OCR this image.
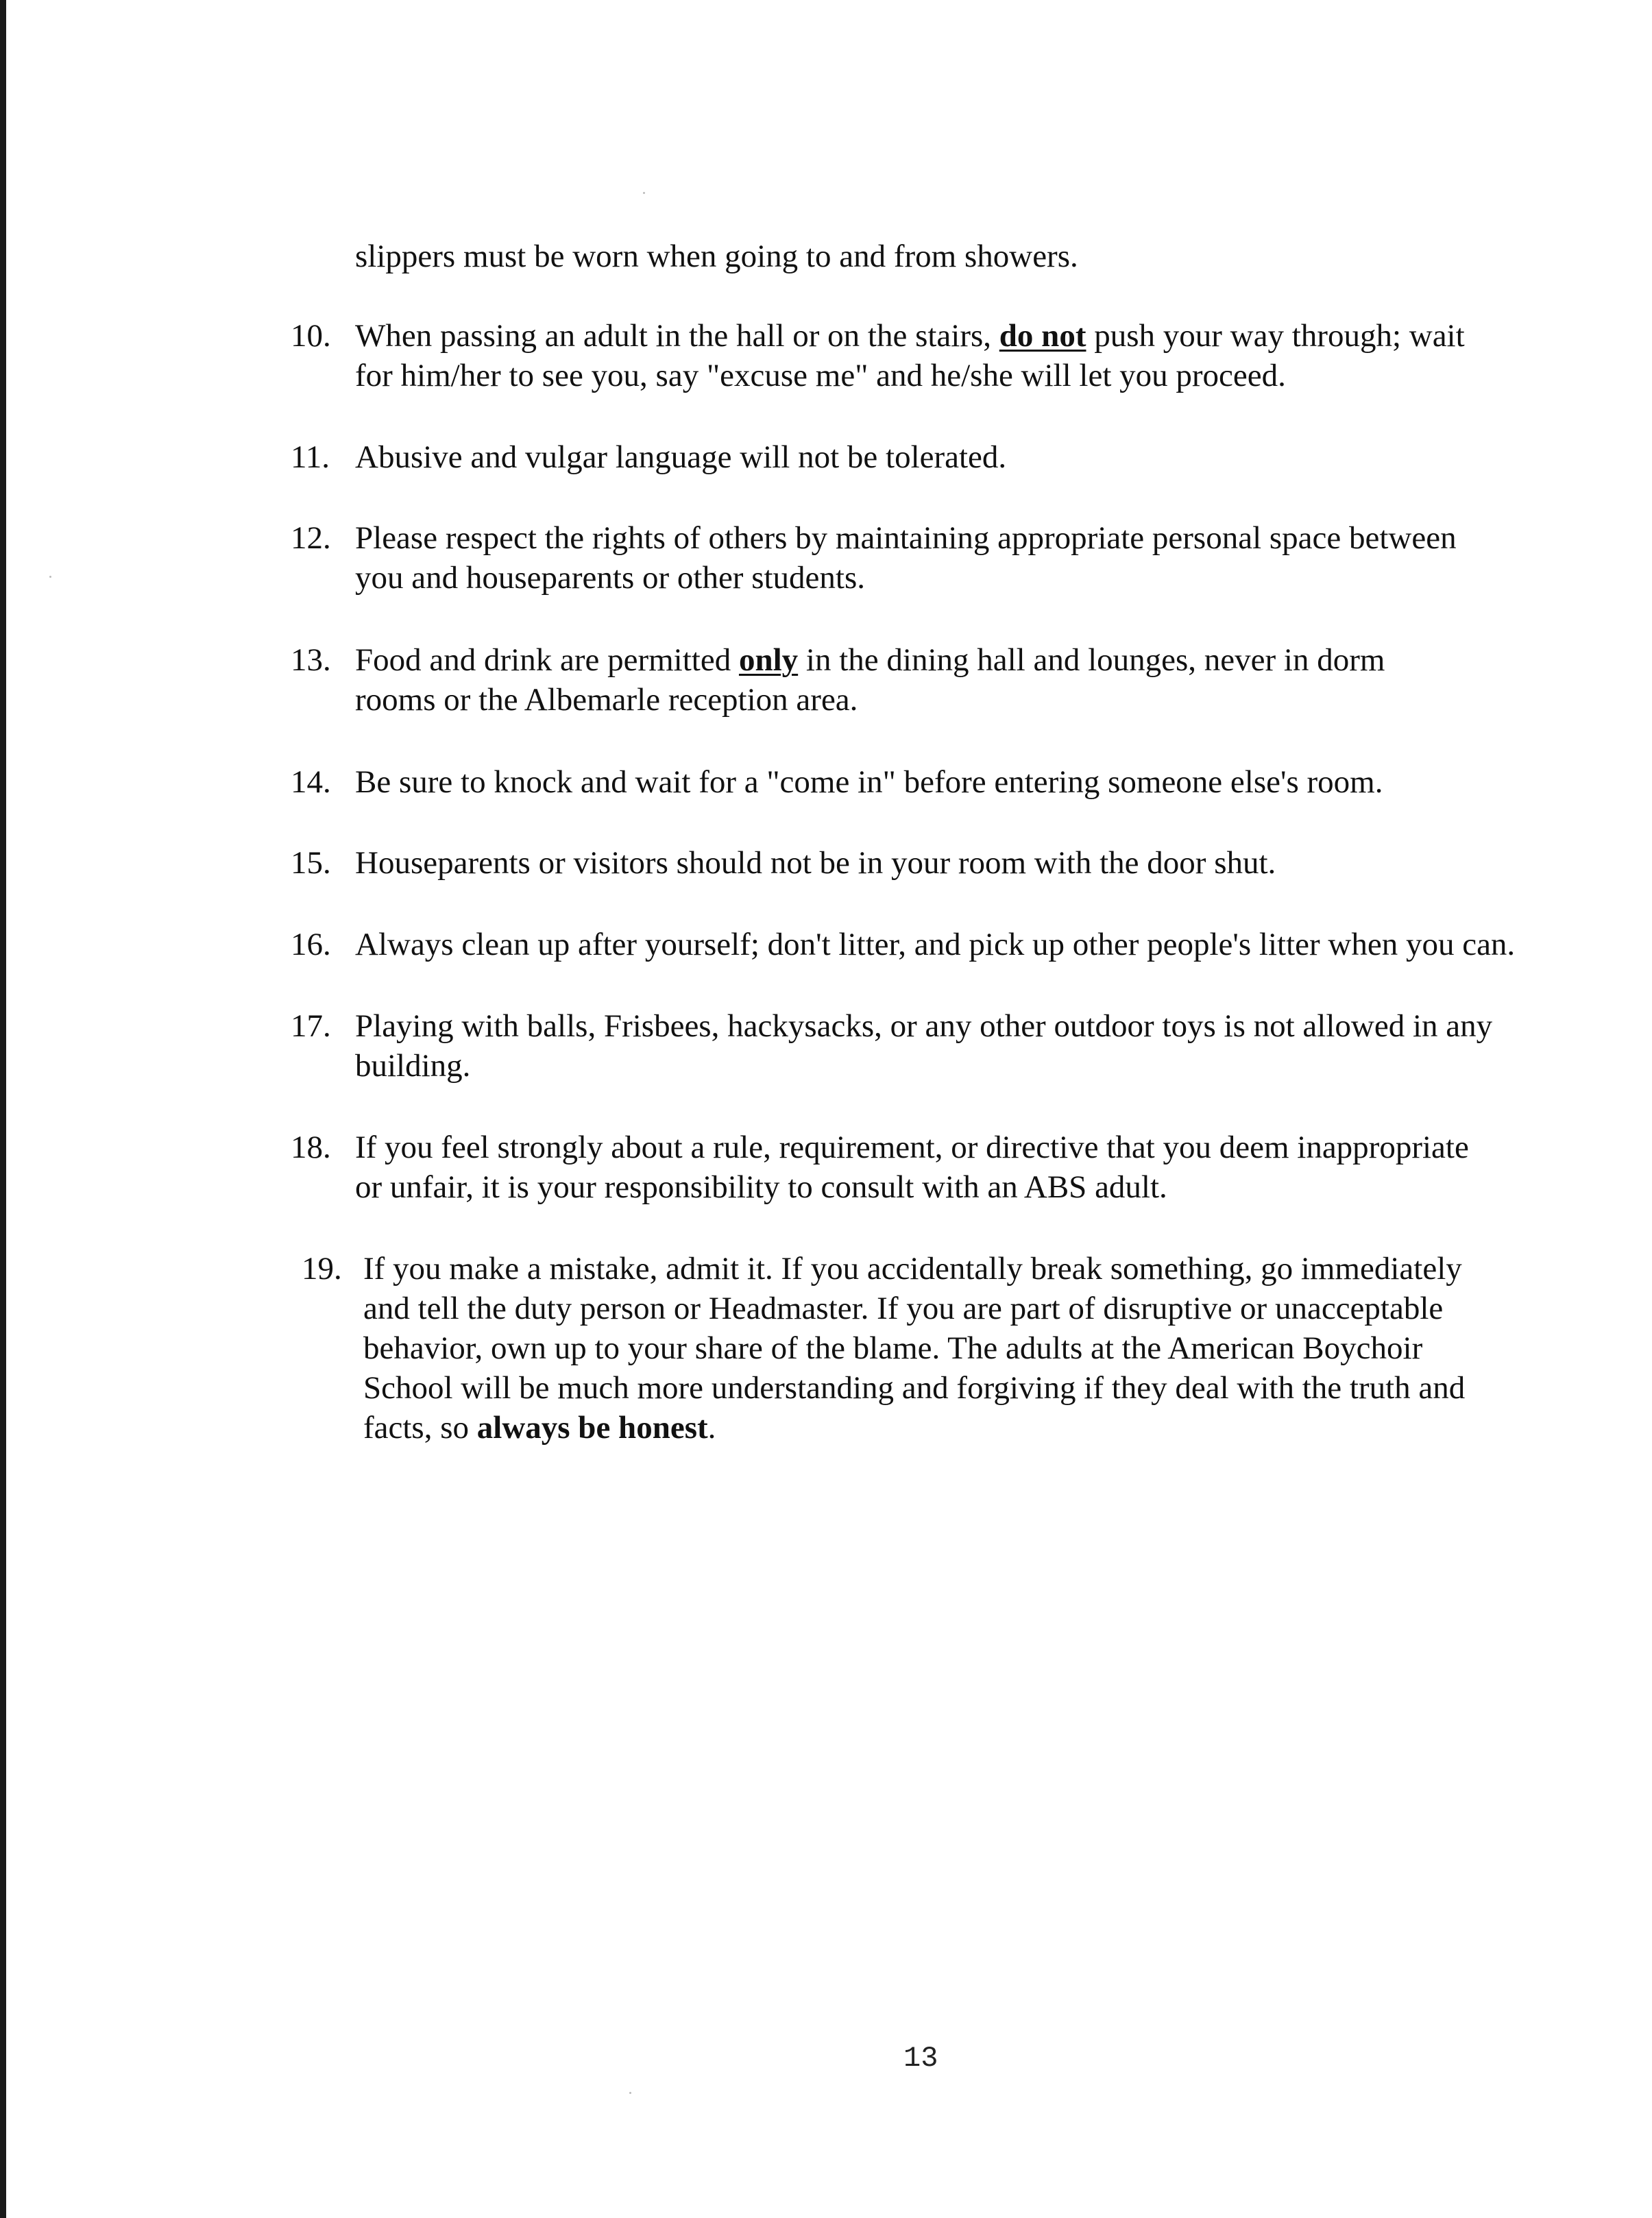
slippers must be worn when going to and from showers.
10. When passing an adult in the hall or on the stairs, do not push your way through; wait
for him/her to see you, say "excuse me" and he/she will let you proceed.
11. Abusive and vulgar language will not be tolerated.
12. Please respect the rights of others by maintaining appropriate personal space between
you and houseparents or other students.
13. Food and drink are permitted only in the dining hall and lounges, never in dorm
rooms or the Albemarle reception area.
14. Be sure to knock and wait for a "come in" before entering someone else's room.
15. Houseparents or visitors should not be in your room with the door shut.
16. Always clean up after yourself; don't litter, and pick up other people's litter when you can.
17. Playing with balls, Frisbees, hackysacks, or any other outdoor toys is not allowed in any
building.
18. If you feel strongly about a rule, requirement, or directive that you deem inappropriate
or unfair, it is your responsibility to consult with an ABS adult.
19. If you make a mistake, admit it. If you accidentally break something, go immediately
and tell the duty person or Headmaster. If you are part of disruptive or unacceptable
behavior, own up to your share of the blame. The adults at the American Boychoir
School will be much more understanding and forgiving if they deal with the truth and
facts, so always be honest.
13
